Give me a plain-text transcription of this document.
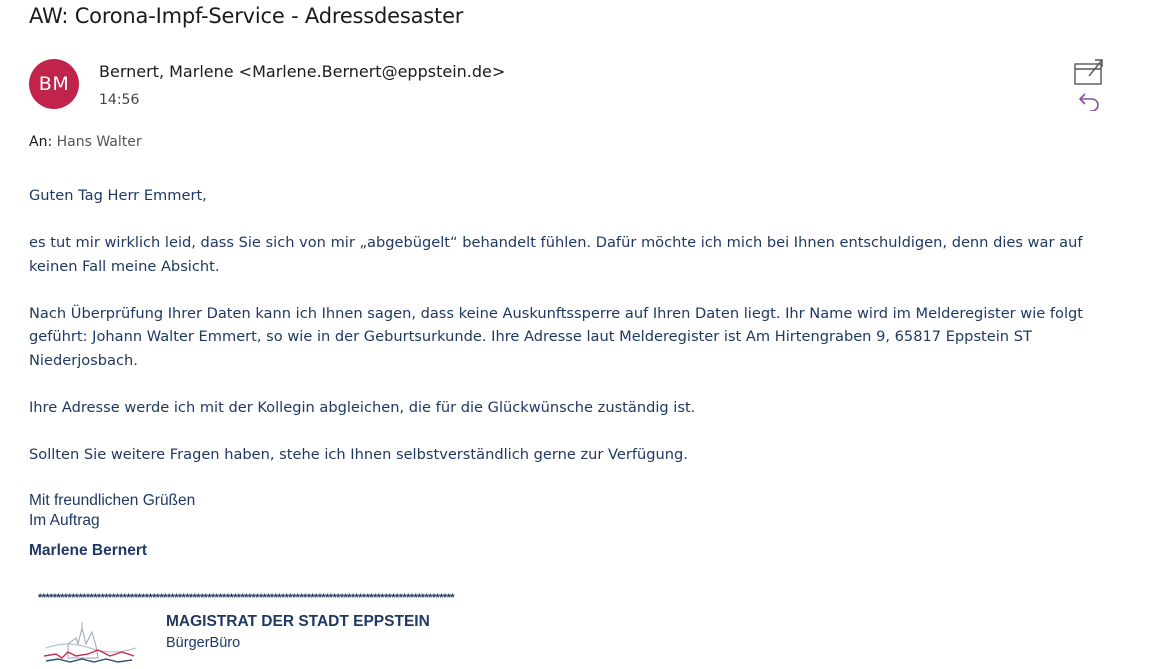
AW: Corona-Impf-Service - Adressdesaster
BM
Bernert, Marlene <Marlene.Bernert@eppstein.de>
14:56
An: Hans Walter

Guten Tag Herr Emmert,

es tut mir wirklich leid, dass Sie sich von mir „abgebügelt“ behandelt fühlen. Dafür möchte ich mich bei Ihnen entschuldigen, denn dies war auf keinen Fall meine Absicht.

Nach Überprüfung Ihrer Daten kann ich Ihnen sagen, dass keine Auskunftssperre auf Ihren Daten liegt. Ihr Name wird im Melderegister wie folgt geführt: Johann Walter Emmert, so wie in der Geburtsurkunde. Ihre Adresse laut Melderegister ist Am Hirtengraben 9, 65817 Eppstein ST Niederjosbach.

Ihre Adresse werde ich mit der Kollegin abgleichen, die für die Glückwünsche zuständig ist.

Sollten Sie weitere Fragen haben, stehe ich Ihnen selbstverständlich gerne zur Verfügung.

Mit freundlichen Grüßen
Im Auftrag
Marlene Bernert
*****************************************************************************************************************
MAGISTRAT DER STADT EPPSTEIN
BürgerBüro
